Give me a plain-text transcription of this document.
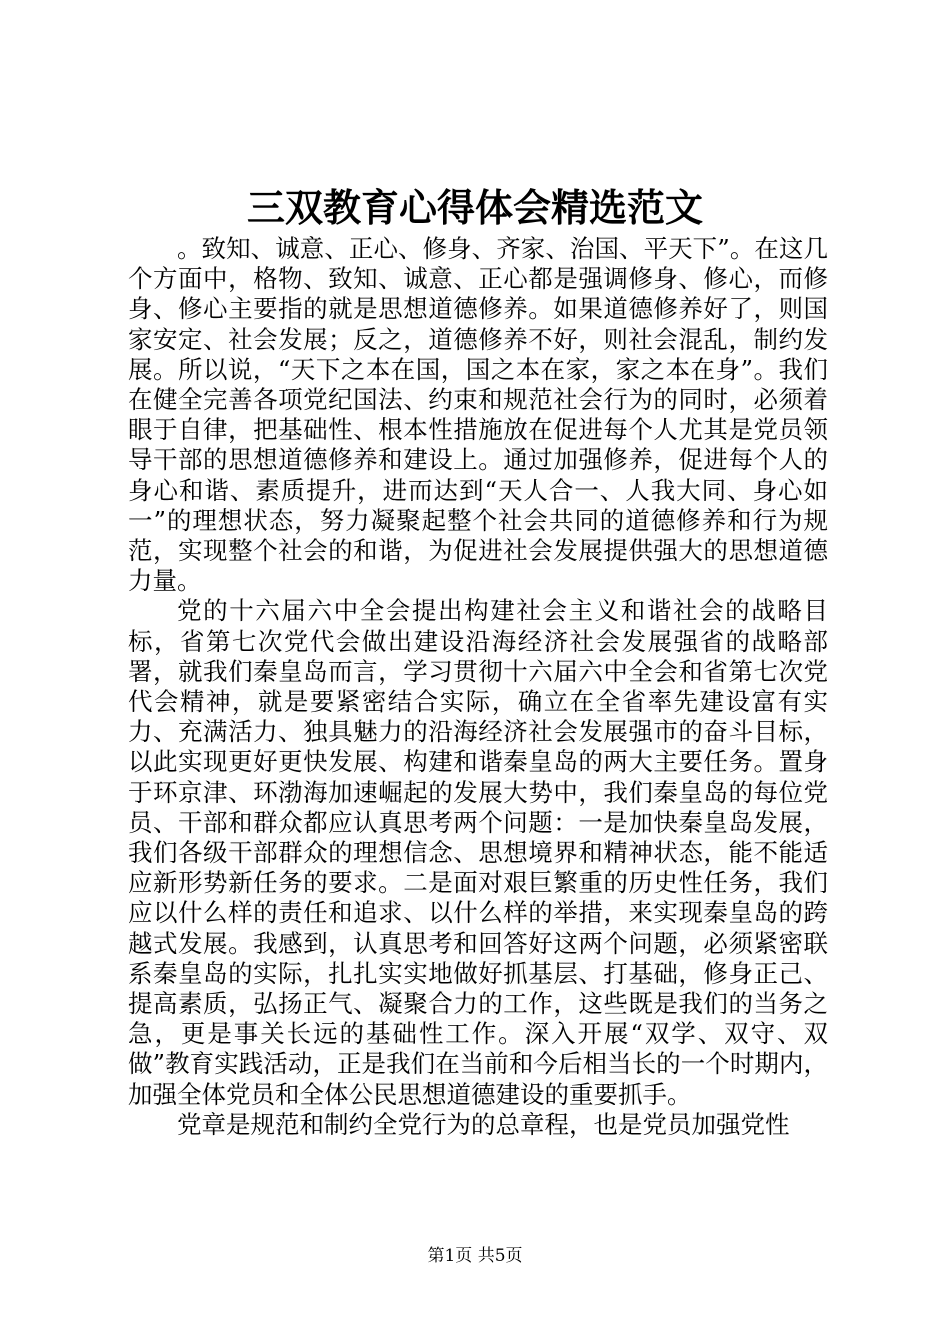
三双教育心得体会精选范文

。致知、诚意、正心、修身、齐家、治国、平天下”。在这几个方面中，格物、致知、诚意、正心都是强调修身、修心，而修身、修心主要指的就是思想道德修养。如果道德修养好了，则国家安定、社会发展；反之，道德修养不好，则社会混乱，制约发展。所以说，“天下之本在国，国之本在家，家之本在身”。我们在健全完善各项党纪国法、约束和规范社会行为的同时，必须着眼于自律，把基础性、根本性措施放在促进每个人尤其是党员领导干部的思想道德修养和建设上。通过加强修养，促进每个人的身心和谐、素质提升，进而达到“天人合一、人我大同、身心如一”的理想状态，努力凝聚起整个社会共同的道德修养和行为规范，实现整个社会的和谐，为促进社会发展提供强大的思想道德力量。

党的十六届六中全会提出构建社会主义和谐社会的战略目标，省第七次党代会做出建设沿海经济社会发展强省的战略部署，就我们秦皇岛而言，学习贯彻十六届六中全会和省第七次党代会精神，就是要紧密结合实际，确立在全省率先建设富有实力、充满活力、独具魅力的沿海经济社会发展强市的奋斗目标，以此实现更好更快发展、构建和谐秦皇岛的两大主要任务。置身于环京津、环渤海加速崛起的发展大势中，我们秦皇岛的每位党员、干部和群众都应认真思考两个问题：一是加快秦皇岛发展，我们各级干部群众的理想信念、思想境界和精神状态，能不能适应新形势新任务的要求。二是面对艰巨繁重的历史性任务，我们应以什么样的责任和追求、以什么样的举措，来实现秦皇岛的跨越式发展。我感到，认真思考和回答好这两个问题，必须紧密联系秦皇岛的实际，扎扎实实地做好抓基层、打基础，修身正己、提高素质，弘扬正气、凝聚合力的工作，这些既是我们的当务之急，更是事关长远的基础性工作。深入开展“双学、双守、双做”教育实践活动，正是我们在当前和今后相当长的一个时期内，加强全体党员和全体公民思想道德建设的重要抓手。

党章是规范和制约全党行为的总章程，也是党员加强党性

第1页 共5页
